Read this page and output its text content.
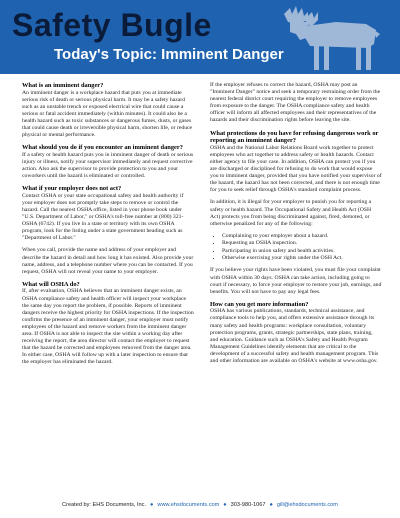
Safety Bugle
Today's Topic: Imminent Danger
What is an imminent danger?

An imminent danger is a workplace hazard that puts you at immediate serious risk of death or serious physical harm. It may be a safety hazard such as an unstable trench or exposed electrical wire that could cause a serious or fatal accident immediately (within minutes). It could also be a health hazard such as toxic substances or dangerous fumes, dusts, or gases that could cause death or irreversible physical harm, shorten life, or reduce physical or mental performance.

What should you do if you encounter an imminent danger?

If a safety or health hazard puts you in imminent danger of death or serious injury or illness, notify your supervisor immediately and request corrective action. Also ask the supervisor to provide protection to you and your coworkers until the hazard is eliminated or controlled.

What if your employer does not act?

Contact OSHA or your state occupational safety and health authority if your employer does not promptly take steps to remove or control the hazard. Call the nearest OSHA office, listed in your phone book under "U.S. Department of Labor," or OSHA's toll-free number at (800) 321-OSHA (6742). If you live in a state or territory with its own OSHA program, look for the listing under a state government heading such as "Department of Labor."

When you call, provide the name and address of your employer and describe the hazard in detail and how long it has existed. Also provide your name, address, and a telephone number where you can be contacted. If you request, OSHA will not reveal your name to your employer.

What will OSHA do?

If, after evaluation, OSHA believes that an imminent danger exists, an OSHA compliance safety and health officer will inspect your workplace the same day you report the problem, if possible. Reports of imminent dangers receive the highest priority for OSHA inspections. If the inspection confirms the presence of an imminent danger, your employer must notify employees of the hazard and remove workers from the imminent danger area. If OSHA is not able to inspect the site within a working day after receiving the report, the area director will contact the employer to request that the hazard be corrected and employees removed from the danger area. In either case, OSHA will follow up with a later inspection to ensure that the employer has eliminated the hazard.

If the employer refuses to correct the hazard, OSHA may post an "Imminent Danger" notice and seek a temporary restraining order from the nearest federal district court requiring the employer to remove employees from exposure to the danger. The OSHA compliance safety and health officer will inform all affected employees and their representatives of the hazards and their discrimination rights before leaving the site.

What protections do you have for refusing dangerous work or reporting an imminent danger?

OSHA and the National Labor Relations Board work together to protect employees who act together to address safety or health hazards. Contact either agency to file your case. In addition, OSHA can protect you if you are discharged or disciplined for refusing to do work that would expose you to imminent danger, provided that you have notified your supervisor of the hazard, the hazard has not been corrected, and there is not enough time for you to seek relief through OSHA's standard complaint process.

In addition, it is illegal for your employer to punish you for reporting a safety or health hazard. The Occupational Safety and Health Act (OSH Act) protects you from being discriminated against, fired, demoted, or otherwise penalized for any of the following:

• Complaining to your employer about a hazard.
• Requesting an OSHA inspection.
• Participating in union safety and health activities.
• Otherwise exercising your rights under the OSH Act.

If you believe your rights have been violated, you must file your complaint with OSHA within 30 days. OSHA can take action, including going to court if necessary, to force your employer to restore your job, earnings, and benefits. You will not have to pay any legal fees.

How can you get more information?

OSHA has various publications, standards, technical assistance, and compliance tools to help you, and offers extensive assistance through its many safety and health programs: workplace consultation, voluntary protection programs, grants, strategic partnerships, state plans, training, and education. Guidance such as OSHA's Safety and Health Program Management Guidelines identify elements that are critical to the development of a successful safety and health management program. This and other information are available on OSHA's website at www.osha.gov.

Created by: EHS Documents, Inc. ● www.ehsdocuments.com ● 303-980-1067 ● gill@ehsdocuments.com
